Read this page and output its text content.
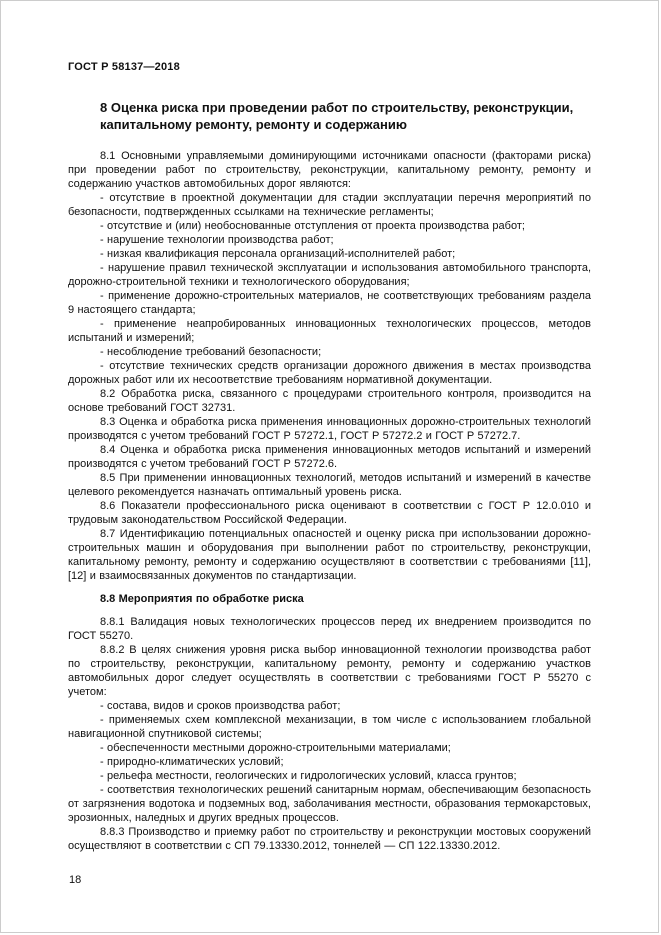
ГОСТ Р 58137—2018
8 Оценка риска при проведении работ по строительству, реконструкции, капитальному ремонту, ремонту и содержанию

8.1 Основными управляемыми доминирующими источниками опасности (факторами риска) при проведении работ по строительству, реконструкции, капитальному ремонту, ремонту и содержанию участков автомобильных дорог являются:

- отсутствие в проектной документации для стадии эксплуатации перечня мероприятий по безопасности, подтвержденных ссылками на технические регламенты;

- отсутствие и (или) необоснованные отступления от проекта производства работ;

- нарушение технологии производства работ;

- низкая квалификация персонала организаций-исполнителей работ;

- нарушение правил технической эксплуатации и использования автомобильного транспорта, дорожно-строительной техники и технологического оборудования;

- применение дорожно-строительных материалов, не соответствующих требованиям раздела 9 настоящего стандарта;

- применение неапробированных инновационных технологических процессов, методов испытаний и измерений;

- несоблюдение требований безопасности;

- отсутствие технических средств организации дорожного движения в местах производства дорожных работ или их несоответствие требованиям нормативной документации.

8.2 Обработка риска, связанного с процедурами строительного контроля, производится на основе требований ГОСТ 32731.

8.3 Оценка и обработка риска применения инновационных дорожно-строительных технологий производятся с учетом требований ГОСТ Р 57272.1, ГОСТ Р 57272.2 и ГОСТ Р 57272.7.

8.4 Оценка и обработка риска применения инновационных методов испытаний и измерений производятся с учетом требований ГОСТ Р 57272.6.

8.5 При применении инновационных технологий, методов испытаний и измерений в качестве целевого рекомендуется назначать оптимальный уровень риска.

8.6 Показатели профессионального риска оценивают в соответствии с ГОСТ Р 12.0.010 и трудовым законодательством Российской Федерации.

8.7 Идентификацию потенциальных опасностей и оценку риска при использовании дорожно-строительных машин и оборудования при выполнении работ по строительству, реконструкции, капитальному ремонту, ремонту и содержанию осуществляют в соответствии с требованиями [11], [12] и взаимосвязанных документов по стандартизации.

8.8 Мероприятия по обработке риска

8.8.1 Валидация новых технологических процессов перед их внедрением производится по ГОСТ 55270.

8.8.2 В целях снижения уровня риска выбор инновационной технологии производства работ по строительству, реконструкции, капитальному ремонту, ремонту и содержанию участков автомобильных дорог следует осуществлять в соответствии с требованиями ГОСТ Р 55270 с учетом:

- состава, видов и сроков производства работ;

- применяемых схем комплексной механизации, в том числе с использованием глобальной навигационной спутниковой системы;

- обеспеченности местными дорожно-строительными материалами;

- природно-климатических условий;

- рельефа местности, геологических и гидрологических условий, класса грунтов;

- соответствия технологических решений санитарным нормам, обеспечивающим безопасность от загрязнения водотока и подземных вод, заболачивания местности, образования термокарстовых, эрозионных, наледных и других вредных процессов.

8.8.3 Производство и приемку работ по строительству и реконструкции мостовых сооружений осуществляют в соответствии с СП 79.13330.2012, тоннелей — СП 122.13330.2012.

18
